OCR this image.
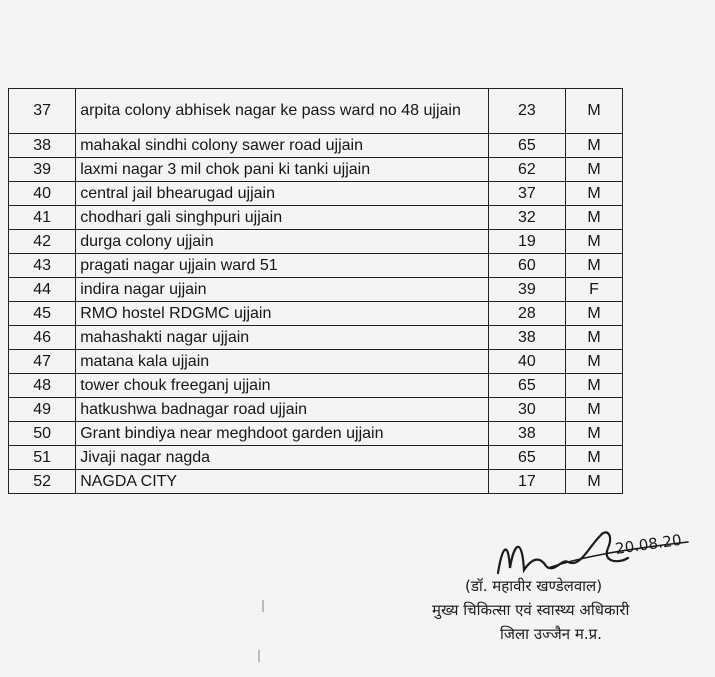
37	arpita colony abhisek nagar ke pass ward no 48 ujjain	23	M
38	mahakal sindhi colony sawer road ujjain	65	M
39	laxmi nagar 3 mil chok pani ki tanki ujjain	62	M
40	central jail bhearugad ujjain	37	M
41	chodhari gali singhpuri ujjain	32	M
42	durga colony ujjain	19	M
43	pragati nagar ujjain ward 51	60	M
44	indira nagar ujjain	39	F
45	RMO hostel RDGMC ujjain	28	M
46	mahashakti nagar ujjain	38	M
47	matana kala ujjain	40	M
48	tower chouk freeganj ujjain	65	M
49	hatkushwa badnagar road ujjain	30	M
50	Grant bindiya near meghdoot garden ujjain	38	M
51	Jivaji nagar nagda	65	M
52	NAGDA CITY	17	M
20.08.20
(डॉ. महावीर खण्डेलवाल)
मुख्य चिकित्सा एवं स्वास्थ्य अधिकारी
जिला उज्जैन म.प्र.
